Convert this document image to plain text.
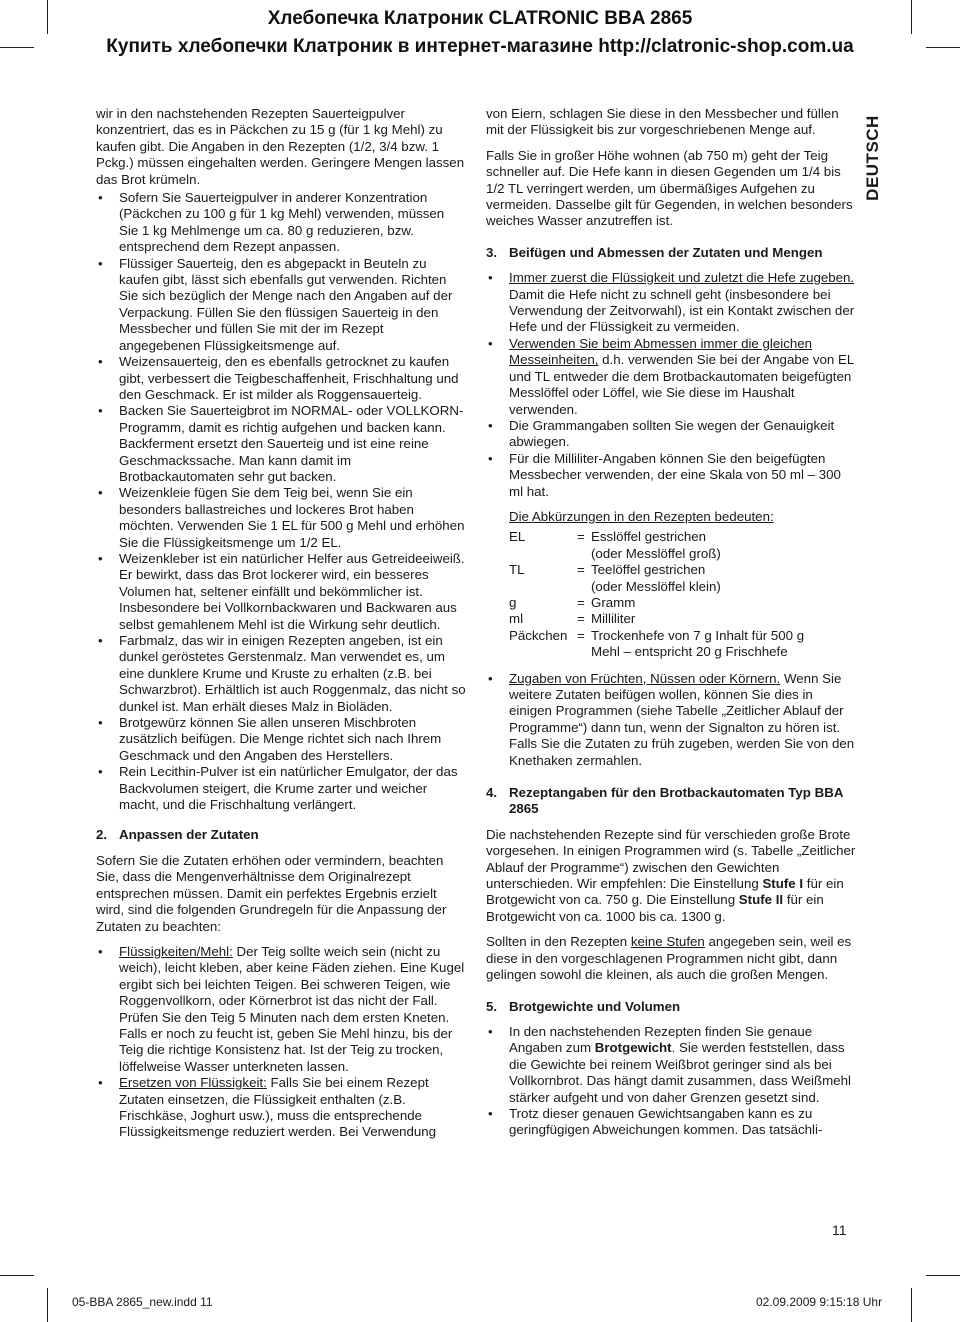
Хлебопечка Клатроник CLATRONIC BBA 2865
Купить хлебопечки Клатроник в интернет-магазине http://clatronic-shop.com.ua
DEUTSCH

wir in den nachstehenden Rezepten Sauerteigpulver konzentriert, das es in Päckchen zu 15 g (für 1 kg Mehl) zu kaufen gibt. Die Angaben in den Rezepten (1/2, 3/4 bzw. 1 Pckg.) müssen eingehalten werden. Geringere Mengen lassen das Brot krümeln.

• Sofern Sie Sauerteigpulver in anderer Konzentration (Päckchen zu 100 g für 1 kg Mehl) verwenden, müssen Sie 1 kg Mehlmenge um ca. 80 g reduzieren, bzw. entsprechend dem Rezept anpassen.
• Flüssiger Sauerteig, den es abgepackt in Beuteln zu kaufen gibt, lässt sich ebenfalls gut verwenden. Richten Sie sich bezüglich der Menge nach den Angaben auf der Verpackung. Füllen Sie den flüssigen Sauerteig in den Messbecher und füllen Sie mit der im Rezept angegebenen Flüssigkeitsmenge auf.
• Weizensauerteig, den es ebenfalls getrocknet zu kaufen gibt, verbessert die Teigbeschaffenheit, Frischhaltung und den Geschmack. Er ist milder als Roggensauerteig.
• Backen Sie Sauerteigbrot im NORMAL- oder VOLLKORN-Programm, damit es richtig aufgehen und backen kann. Backferment ersetzt den Sauerteig und ist eine reine Geschmackssache. Man kann damit im Brotbackautomaten sehr gut backen.
• Weizenkleie fügen Sie dem Teig bei, wenn Sie ein besonders ballastreiches und lockeres Brot haben möchten. Verwenden Sie 1 EL für 500 g Mehl und erhöhen Sie die Flüssigkeitsmenge um 1/2 EL.
• Weizenkleber ist ein natürlicher Helfer aus Getreideeiweiß. Er bewirkt, dass das Brot lockerer wird, ein besseres Volumen hat, seltener einfällt und bekömmlicher ist. Insbesondere bei Vollkornbackwaren und Backwaren aus selbst gemahlenem Mehl ist die Wirkung sehr deutlich.
• Farbmalz, das wir in einigen Rezepten angeben, ist ein dunkel geröstetes Gerstenmalz. Man verwendet es, um eine dunklere Krume und Kruste zu erhalten (z.B. bei Schwarzbrot). Erhältlich ist auch Roggenmalz, das nicht so dunkel ist. Man erhält dieses Malz in Bioläden.
• Brotgewürz können Sie allen unseren Mischbroten zusätzlich beifügen. Die Menge richtet sich nach Ihrem Geschmack und den Angaben des Herstellers.
• Rein Lecithin-Pulver ist ein natürlicher Emulgator, der das Backvolumen steigert, die Krume zarter und weicher macht, und die Frischhaltung verlängert.
2. Anpassen der Zutaten

Sofern Sie die Zutaten erhöhen oder vermindern, beachten Sie, dass die Mengenverhältnisse dem Originalrezept entsprechen müssen. Damit ein perfektes Ergebnis erzielt wird, sind die folgenden Grundregeln für die Anpassung der Zutaten zu beachten:

• Flüssigkeiten/Mehl: Der Teig sollte weich sein (nicht zu weich), leicht kleben, aber keine Fäden ziehen. Eine Kugel ergibt sich bei leichten Teigen. Bei schweren Teigen, wie Roggenvollkorn, oder Körnerbrot ist das nicht der Fall. Prüfen Sie den Teig 5 Minuten nach dem ersten Kneten. Falls er noch zu feucht ist, geben Sie Mehl hinzu, bis der Teig die richtige Konsistenz hat. Ist der Teig zu trocken, löffelweise Wasser unterkneten lassen.
• Ersetzen von Flüssigkeit: Falls Sie bei einem Rezept Zutaten einsetzen, die Flüssigkeit enthalten (z.B. Frischkäse, Joghurt usw.), muss die entsprechende Flüssigkeitsmenge reduziert werden. Bei Verwendung

von Eiern, schlagen Sie diese in den Messbecher und füllen mit der Flüssigkeit bis zur vorgeschriebenen Menge auf.

Falls Sie in großer Höhe wohnen (ab 750 m) geht der Teig schneller auf. Die Hefe kann in diesen Gegenden um 1/4 bis 1/2 TL verringert werden, um übermäßiges Aufgehen zu vermeiden. Dasselbe gilt für Gegenden, in welchen besonders weiches Wasser anzutreffen ist.

3. Beifügen und Abmessen der Zutaten und Mengen
• Immer zuerst die Flüssigkeit und zuletzt die Hefe zugeben. Damit die Hefe nicht zu schnell geht (insbesondere bei Verwendung der Zeitvorwahl), ist ein Kontakt zwischen der Hefe und der Flüssigkeit zu vermeiden.
• Verwenden Sie beim Abmessen immer die gleichen Messeinheiten, d.h. verwenden Sie bei der Angabe von EL und TL entweder die dem Brotbackautomaten beigefügten Messlöffel oder Löffel, wie Sie diese im Haushalt verwenden.
• Die Grammangaben sollten Sie wegen der Genauigkeit abwiegen.
• Für die Milliliter-Angaben können Sie den beigefügten Messbecher verwenden, der eine Skala von 50 ml – 300 ml hat.
Die Abkürzungen in den Rezepten bedeuten:
EL	= Esslöffel gestrichen
(oder Messlöffel groß)
TL	= Teelöffel gestrichen
(oder Messlöffel klein)
g	= Gramm
ml	= Milliliter
Päckchen = Trockenhefe von 7 g Inhalt für 500 g
Mehl – entspricht 20 g Frischhefe
• Zugaben von Früchten, Nüssen oder Körnern. Wenn Sie weitere Zutaten beifügen wollen, können Sie dies in einigen Programmen (siehe Tabelle „Zeitlicher Ablauf der Programme“) dann tun, wenn der Signalton zu hören ist. Falls Sie die Zutaten zu früh zugeben, werden Sie von den Knethaken zermahlen.
4. Rezeptangaben für den Brotbackautomaten Typ BBA 2865

Die nachstehenden Rezepte sind für verschieden große Brote vorgesehen. In einigen Programmen wird (s. Tabelle „Zeitlicher Ablauf der Programme“) zwischen den Gewichten unterschieden. Wir empfehlen: Die Einstellung Stufe I für ein Brotgewicht von ca. 750 g. Die Einstellung Stufe II für ein Brotgewicht von ca. 1000 bis ca. 1300 g.

Sollten in den Rezepten keine Stufen angegeben sein, weil es diese in den vorgeschlagenen Programmen nicht gibt, dann gelingen sowohl die kleinen, als auch die großen Mengen.

5. Brotgewichte und Volumen
• In den nachstehenden Rezepten finden Sie genaue Angaben zum Brotgewicht. Sie werden feststellen, dass die Gewichte bei reinem Weißbrot geringer sind als bei Vollkornbrot. Das hängt damit zusammen, dass Weißmehl stärker aufgeht und von daher Grenzen gesetzt sind.
• Trotz dieser genauen Gewichtsangaben kann es zu geringfügigen Abweichungen kommen. Das tatsächli-
11
05-BBA 2865_new.indd 11	02.09.2009 9:15:18 Uhr
